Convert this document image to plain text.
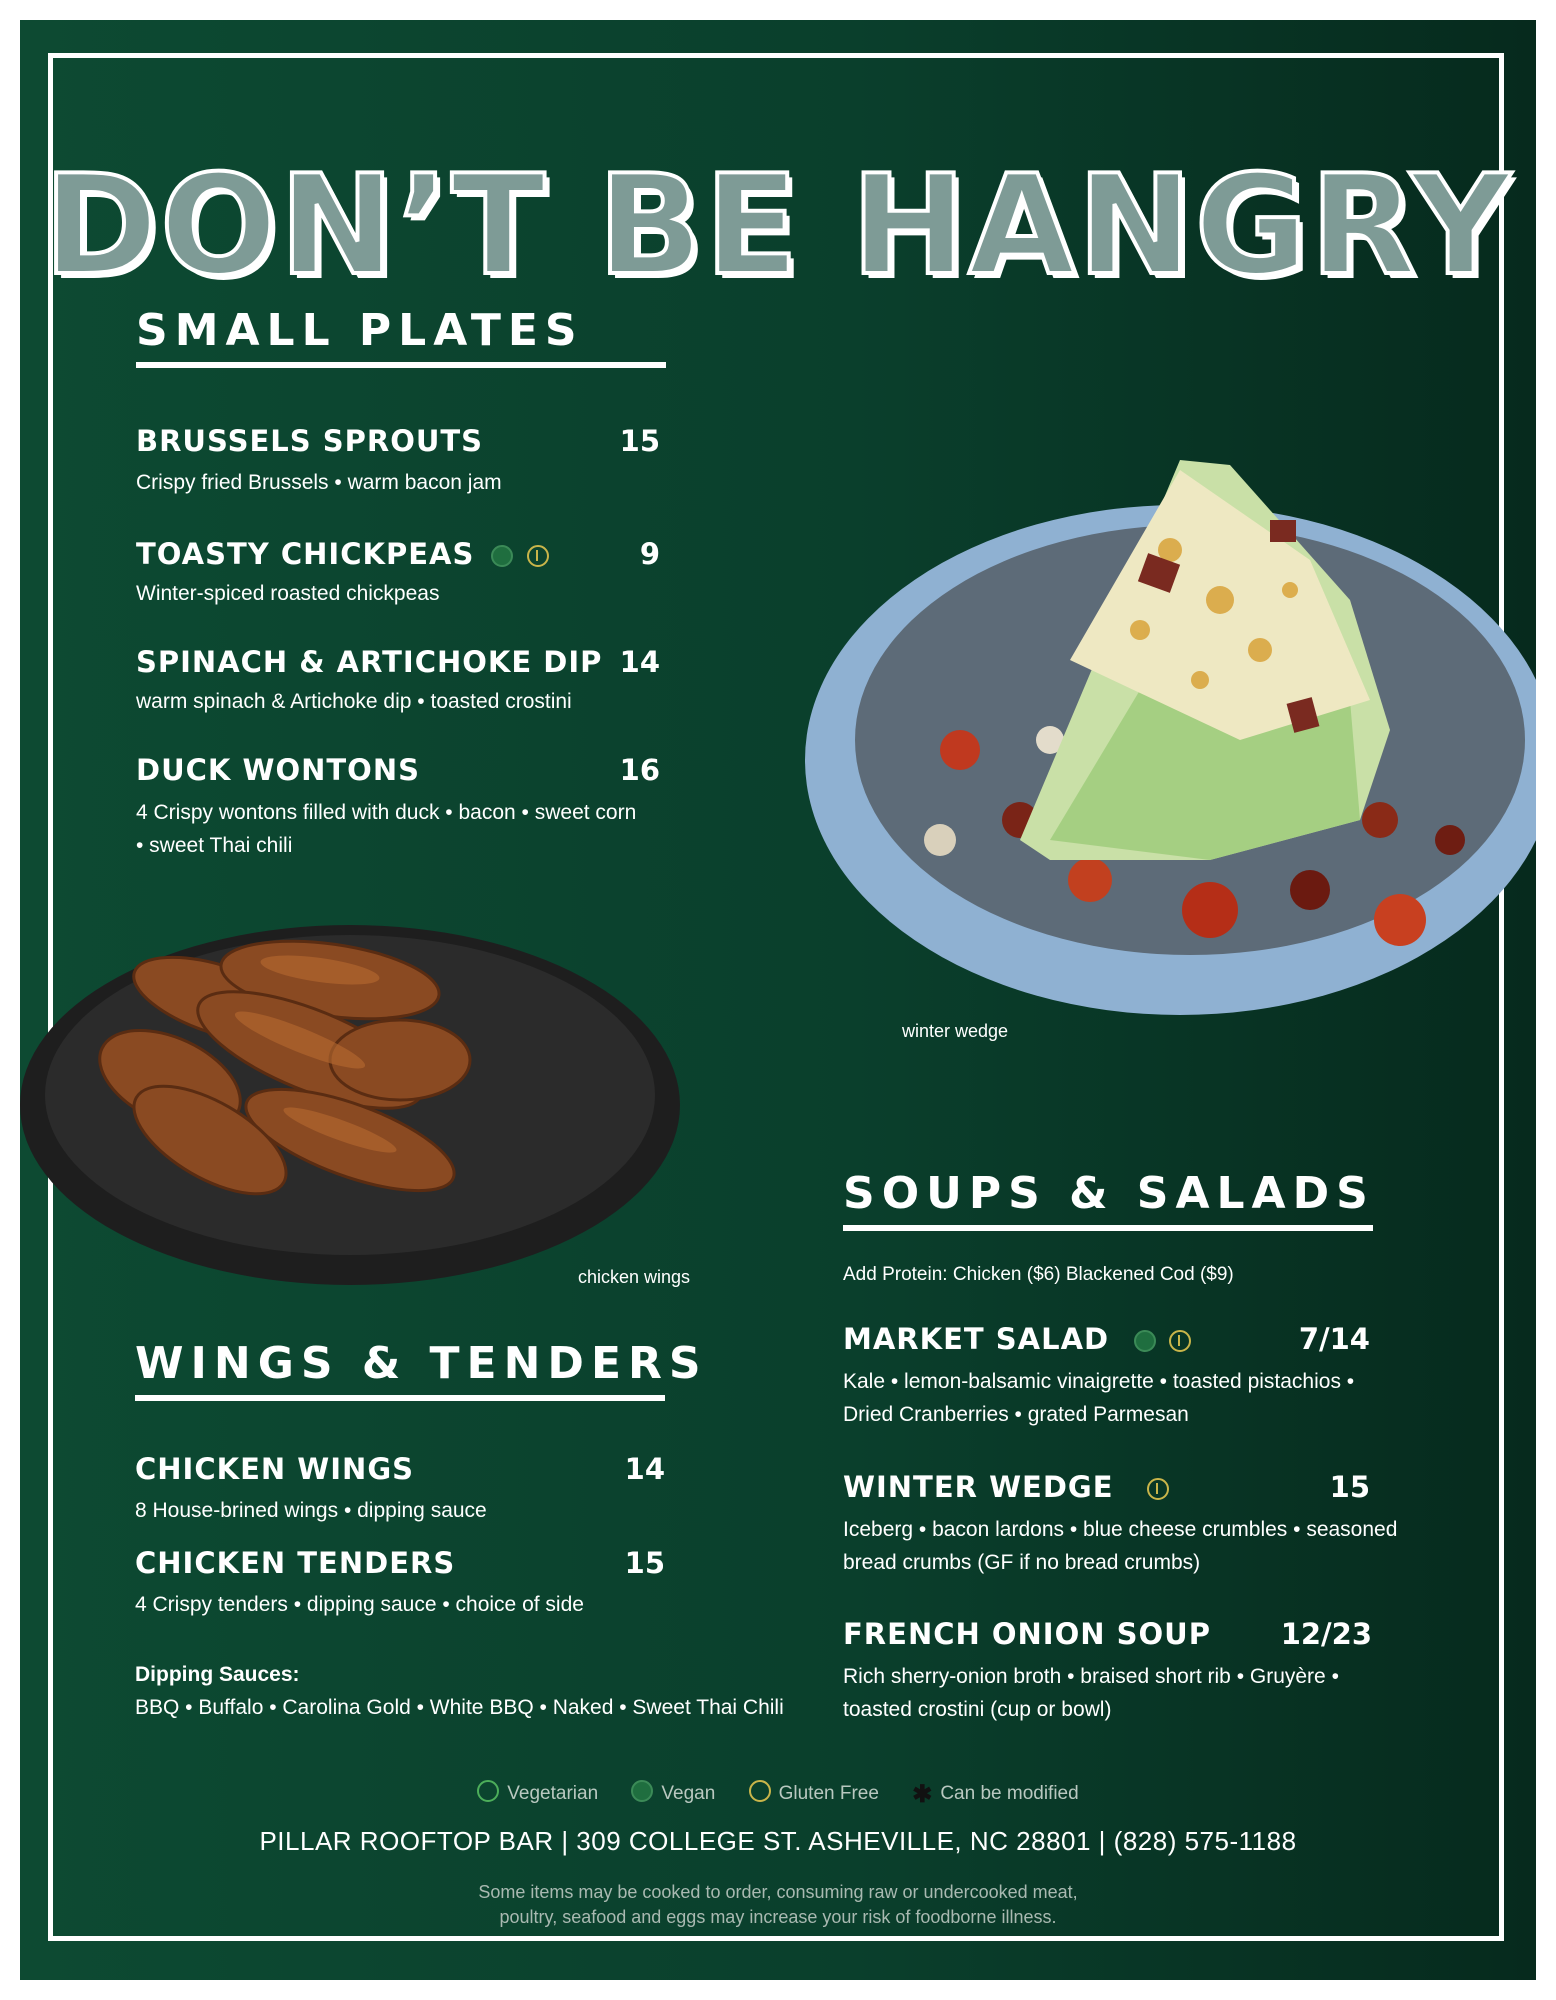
DON’T BE HANGRY
SMALL PLATES
BRUSSELS SPROUTS	15
Crispy fried Brussels • warm bacon jam
TOASTY CHICKPEAS	9
Winter-spiced roasted chickpeas
SPINACH & ARTICHOKE DIP 14
warm spinach & Artichoke dip • toasted crostini
DUCK WONTONS	16
4 Crispy wontons filled with duck • bacon • sweet corn
• sweet Thai chili
chicken wings
winter wedge
WINGS & TENDERS
CHICKEN WINGS	14
8 House-brined wings • dipping sauce
CHICKEN TENDERS	15
4 Crispy tenders • dipping sauce • choice of side
Dipping Sauces:
BBQ • Buffalo • Carolina Gold • White BBQ • Naked • Sweet Thai Chili
SOUPS & SALADS
Add Protein: Chicken ($6) Blackened Cod ($9)
MARKET SALAD	7/14
Kale • lemon-balsamic vinaigrette • toasted pistachios •
Dried Cranberries • grated Parmesan
WINTER WEDGE	15
Iceberg • bacon lardons • blue cheese crumbles • seasoned
bread crumbs (GF if no bread crumbs)
FRENCH ONION SOUP	12/23
Rich sherry-onion broth • braised short rib • Gruyère •
toasted crostini (cup or bowl)
Vegetarian	Vegan	Gluten Free ✱ Can be modified
PILLAR ROOFTOP BAR | 309 COLLEGE ST. ASHEVILLE, NC 28801 | (828) 575-1188
Some items may be cooked to order, consuming raw or undercooked meat,
poultry, seafood and eggs may increase your risk of foodborne illness.
